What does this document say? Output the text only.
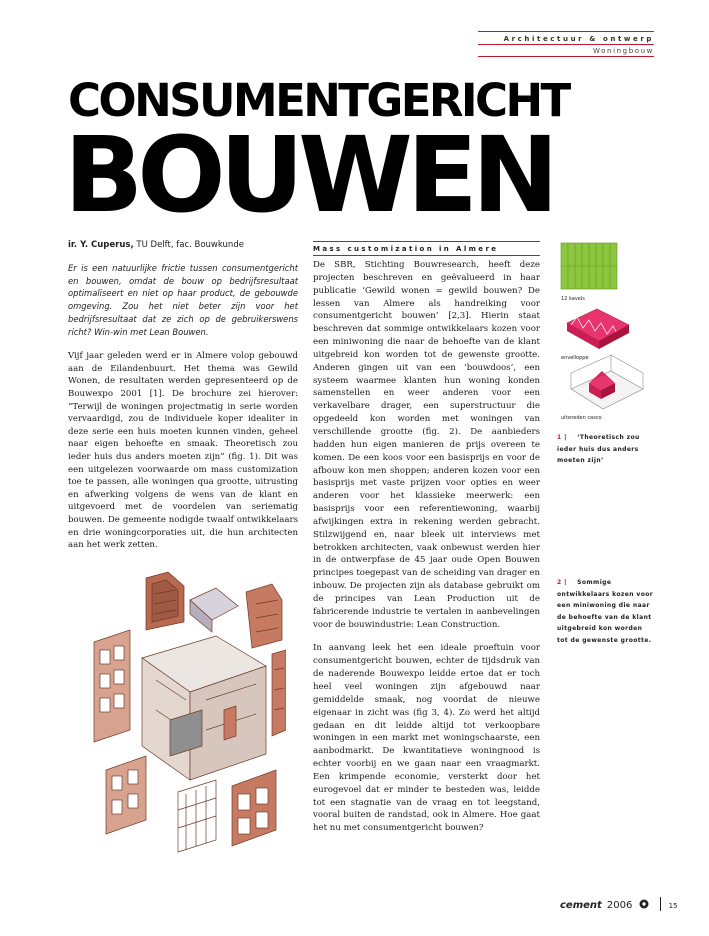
Architectuur & ontwerp
Woningbouw
CONSUMENTGERICHT
BOUWEN

ir. Y. Cuperus, TU Delft, fac. Bouwkunde

Er is een natuurlijke frictie tussen consumentgericht en bouwen, omdat de bouw op bedrijfsresultaat optimaliseert en niet op haar product, de gebouwde omgeving. Zou het niet beter zijn voor het bedrijfsresultaat dat ze zich op de gebruikerswens richt? Win-win met Lean Bouwen.

Vijf jaar geleden werd er in Almere volop gebouwd aan de Eilandenbuurt. Het thema was Gewild Wonen, de resultaten werden gepresenteerd op de Bouwexpo 2001 [1]. De brochure zei hierover: “Terwijl de woningen projectmatig in serie worden vervaardigd, zou de individuele koper idealiter in deze serie een huis moeten kunnen vinden, geheel naar eigen behoefte en smaak. Theoretisch zou ieder huis dus anders moeten zijn” (fig. 1). Dit was een uitgelezen voorwaarde om mass customization toe te passen, alle woningen qua grootte, uitrusting en afwerking volgens de wens van de klant en uitgevoerd met de voordelen van seriematig bouwen. De gemeente nodigde twaalf ontwikkelaars en drie woningcorporaties uit, die hun architecten aan het werk zetten.

Mass customization in Almere

De SBR, Stichting Bouwresearch, heeft deze projecten beschreven en geëvalueerd in haar publicatie ‘Gewild wonen = gewild bouwen? De lessen van Almere als handreiking voor consumentgericht bouwen’ [2,3]. Hierin staat beschreven dat sommige ontwikkelaars kozen voor een miniwoning die naar de behoefte van de klant uitgebreid kon worden tot de gewenste grootte. Anderen gingen uit van een ‘bouwdoos’, een systeem waarmee klanten hun woning konden samenstellen en weer anderen voor een verkavelbare drager, een superstructuur die opgedeeld kon worden met woningen van verschillende grootte (fig. 2). De aanbieders hadden hun eigen manieren de prijs overeen te komen. De een koos voor een basisprijs en voor de afbouw kon men shoppen; anderen kozen voor een basisprijs met vaste prijzen voor opties en weer anderen voor het klassieke meerwerk: een basisprijs voor een referentiewoning, waarbij afwijkingen extra in rekening werden gebracht. Stilzwijgend en, naar bleek uit interviews met betrokken architecten, vaak onbewust werden hier in de ontwerpfase de 45 jaar oude Open Bouwen principes toegepast van de scheiding van drager en inbouw. De projecten zijn als database gebruikt om de principes van Lean Production uit de fabricerende industrie te vertalen in aanbevelingen voor de bouwindustrie: Lean Construction.

In aanvang leek het een ideale proeftuin voor consumentgericht bouwen, echter de tijdsdruk van de naderende Bouwexpo leidde ertoe dat er toch heel veel woningen zijn afgebouwd naar gemiddelde smaak, nog voordat de nieuwe eigenaar in zicht was (fig 3, 4). Zo werd het altijd gedaan en dit leidde altijd tot verkoopbare woningen in een markt met woningschaarste, een aanbodmarkt. De kwantitatieve woningnood is echter voorbij en we gaan naar een vraagmarkt. Een krimpende economie, versterkt door het eurogevoel dat er minder te besteden was, leidde tot een stagnatie van de vraag en tot leegstand, vooral buiten de randstad, ook in Almere. Hoe gaat het nu met consumentgericht bouwen?

12 kavels
envelloppe
uitsneden casco
1 | ‘Theoretisch zou ieder huis dus anders moeten zijn’
2 | Sommige ontwikkelaars kozen voor een miniwoning die naar de behoefte van de klant uitgebreid kon worden tot de gewenste grootte.
cement 2006	15
